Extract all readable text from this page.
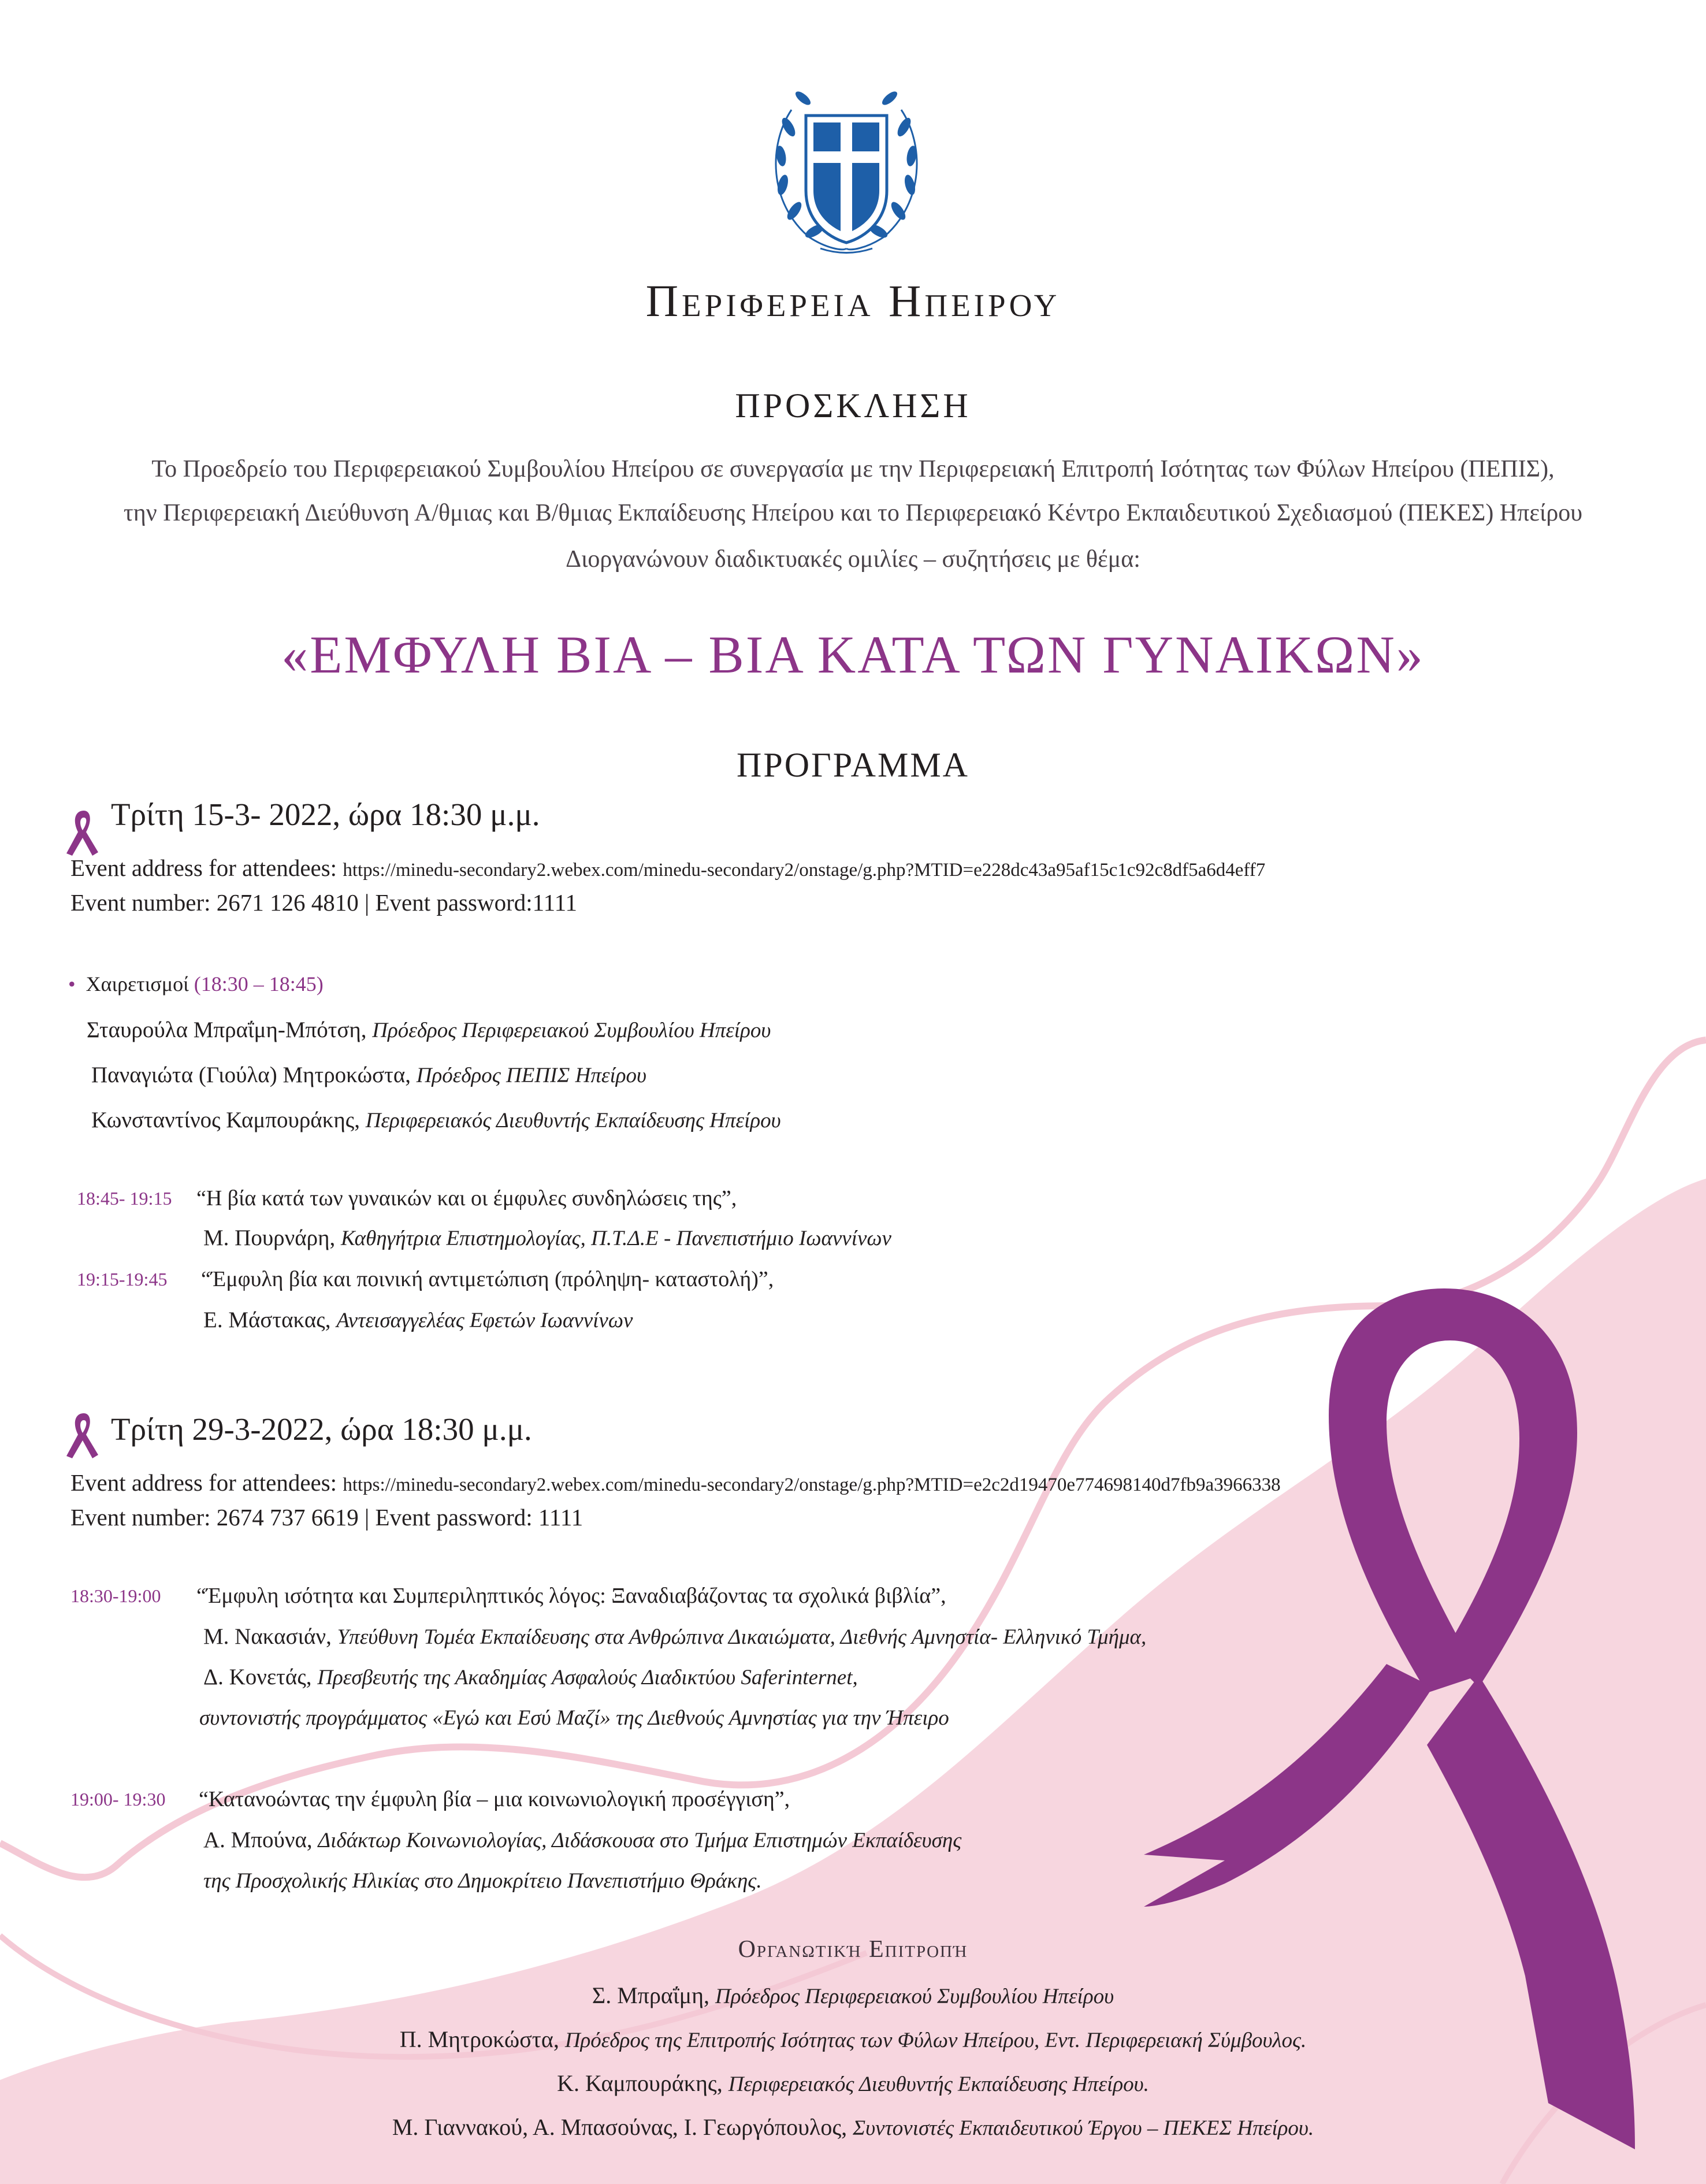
Περιφερεια Ηπειρου
ΠΡΟΣΚΛΗΣΗ
Το Προεδρείο του Περιφερειακού Συμβουλίου Ηπείρου σε συνεργασία με την Περιφερειακή Επιτροπή Ισότητας των Φύλων Ηπείρου (ΠΕΠΙΣ),
την Περιφερειακή Διεύθυνση Α/θμιας και Β/θμιας Εκπαίδευσης Ηπείρου και το Περιφερειακό Κέντρο Εκπαιδευτικού Σχεδιασμού (ΠΕΚΕΣ) Ηπείρου
Διοργανώνουν διαδικτυακές ομιλίες – συζητήσεις με θέμα:
«ΕΜΦΥΛΗ ΒΙΑ – ΒΙΑ ΚΑΤΑ ΤΩΝ ΓΥΝΑΙΚΩΝ»
ΠΡΟΓΡΑΜΜΑ
Τρίτη 15-3- 2022, ώρα 18:30 μ.μ.
Event address for attendees: https://minedu-secondary2.webex.com/minedu-secondary2/onstage/g.php?MTID=e228dc43a95af15c1c92c8df5a6d4eff7
Event number: 2671 126 4810 | Event password:1111
• Χαιρετισμοί (18:30 – 18:45)
Σταυρούλα Μπραΐμη-Μπότση, Πρόεδρος Περιφερειακού Συμβουλίου Ηπείρου
Παναγιώτα (Γιούλα) Μητροκώστα, Πρόεδρος ΠΕΠΙΣ Ηπείρου
Κωνσταντίνος Καμπουράκης, Περιφερειακός Διευθυντής Εκπαίδευσης Ηπείρου
18:45- 19:15 “Η βία κατά των γυναικών και οι έμφυλες συνδηλώσεις της”,
Μ. Πουρνάρη, Καθηγήτρια Επιστημολογίας, Π.Τ.Δ.Ε - Πανεπιστήμιο Ιωαννίνων
19:15-19:45 “Έμφυλη βία και ποινική αντιμετώπιση (πρόληψη- καταστολή)”,
Ε. Μάστακας, Αντεισαγγελέας Εφετών Ιωαννίνων
Τρίτη 29-3-2022, ώρα 18:30 μ.μ.
Event address for attendees: https://minedu-secondary2.webex.com/minedu-secondary2/onstage/g.php?MTID=e2c2d19470e774698140d7fb9a3966338
Event number: 2674 737 6619 | Event password: 1111
18:30-19:00 “Έμφυλη ισότητα και Συμπεριληπτικός λόγος: Ξαναδιαβάζοντας τα σχολικά βιβλία”,
Μ. Νακασιάν, Υπεύθυνη Τομέα Εκπαίδευσης στα Ανθρώπινα Δικαιώματα, Διεθνής Αμνηστία- Ελληνικό Τμήμα,
Δ. Κονετάς, Πρεσβευτής της Ακαδημίας Ασφαλούς Διαδικτύου Saferinternet,
συντονιστής προγράμματος «Εγώ και Εσύ Μαζί» της Διεθνούς Αμνηστίας για την Ήπειρο
19:00- 19:30 “Κατανοώντας την έμφυλη βία – μια κοινωνιολογική προσέγγιση”,
Α. Μπούνα, Διδάκτωρ Κοινωνιολογίας, Διδάσκουσα στο Τμήμα Επιστημών Εκπαίδευσης
της Προσχολικής Ηλικίας στο Δημοκρίτειο Πανεπιστήμιο Θράκης.
Οργανωτική Επιτροπή
Σ. Μπραΐμη, Πρόεδρος Περιφερειακού Συμβουλίου Ηπείρου
Π. Μητροκώστα, Πρόεδρος της Επιτροπής Ισότητας των Φύλων Ηπείρου, Εντ. Περιφερειακή Σύμβουλος.
Κ. Καμπουράκης, Περιφερειακός Διευθυντής Εκπαίδευσης Ηπείρου.
Μ. Γιαννακού, Α. Μπασούνας, Ι. Γεωργόπουλος, Συντονιστές Εκπαιδευτικού Έργου – ΠΕΚΕΣ Ηπείρου.
